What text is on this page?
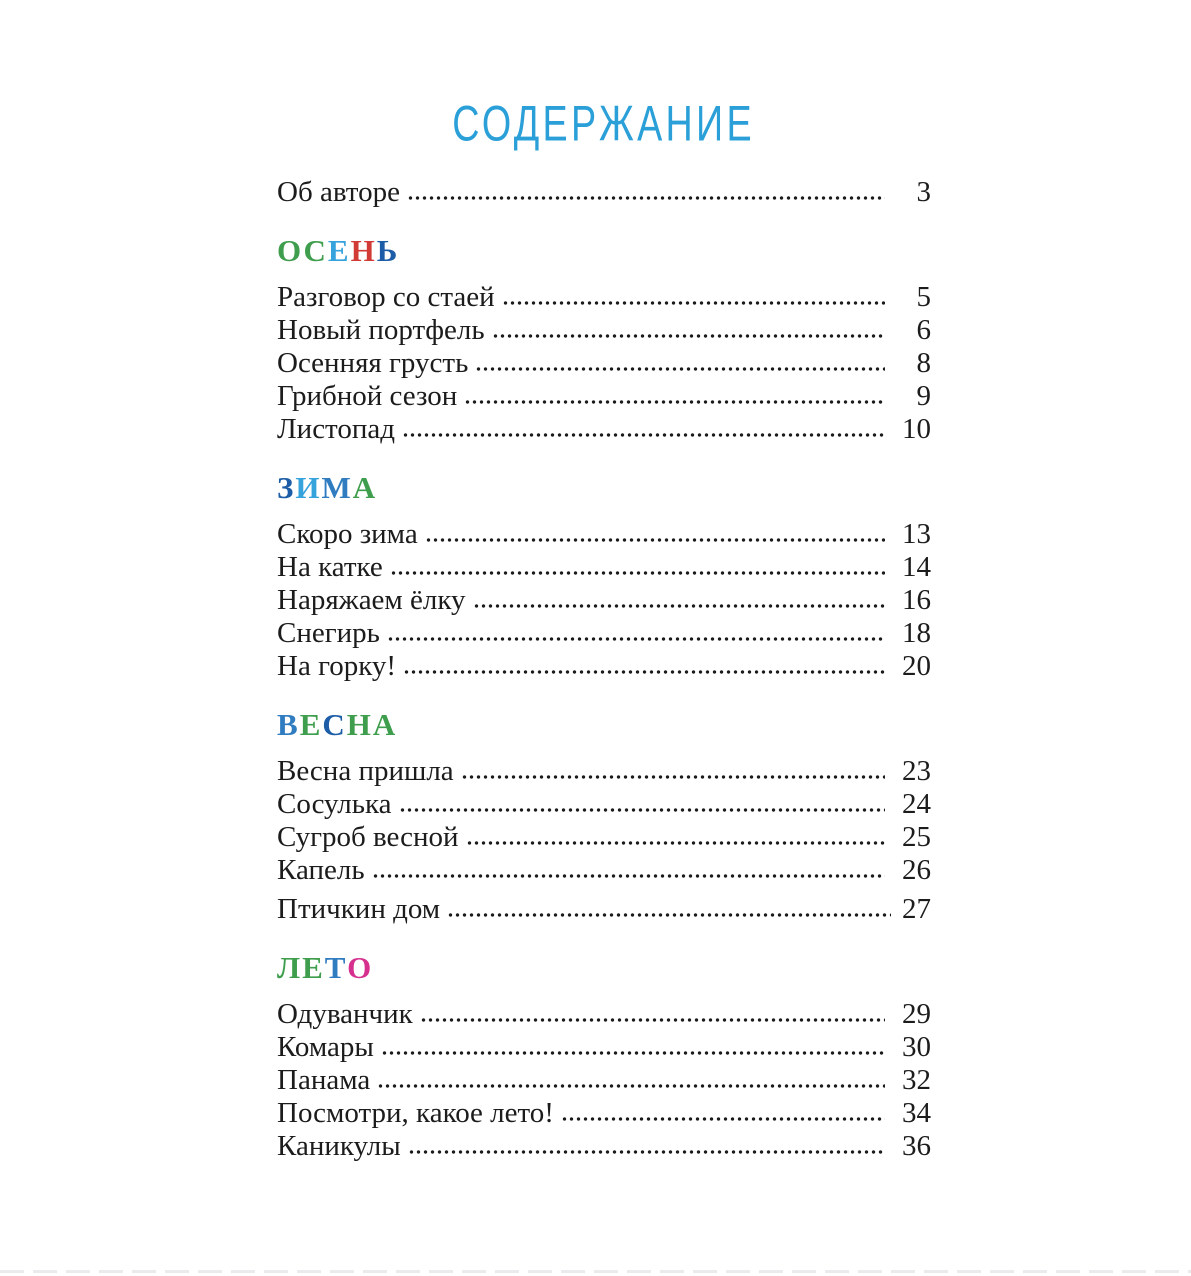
СОДЕРЖАНИЕ
Об авторе	3
ОСЕНЬ
Разговор со стаей	5
Новый портфель	6
Осенняя грусть	8
Грибной сезон	9
Листопад	10
ЗИМА
Скоро зима	13
На катке	14
Наряжаем ёлку	16
Снегирь	18
На горку!	20
ВЕСНА
Весна пришла	23
Сосулька	24
Сугроб весной	25
Капель	26
Птичкин дом	27
ЛЕТО
Одуванчик	29
Комары	30
Панама	32
Посмотри, какое лето!	34
Каникулы	36
